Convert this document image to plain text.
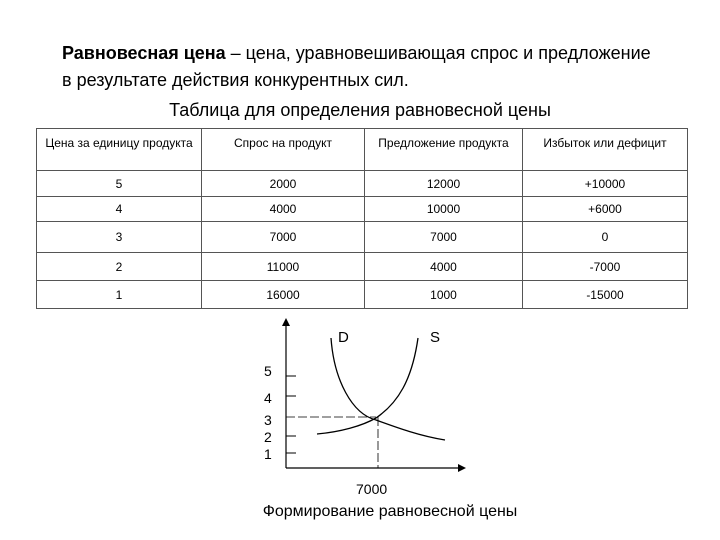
Равновесная цена – цена, уравновешивающая спрос и предложение в результате действия конкурентных сил.
Таблица для определения равновесной цены
Цена за единицу продукта	Спрос на продукт	Предложение продукта	Избыток или дефицит
5	2000	12000	+10000
4	4000	10000	+6000
3	7000	7000	0
2	11000	4000	-7000
1	16000	1000	-15000
5
4
3
2
1
D	S
7000
Формирование равновесной цены
